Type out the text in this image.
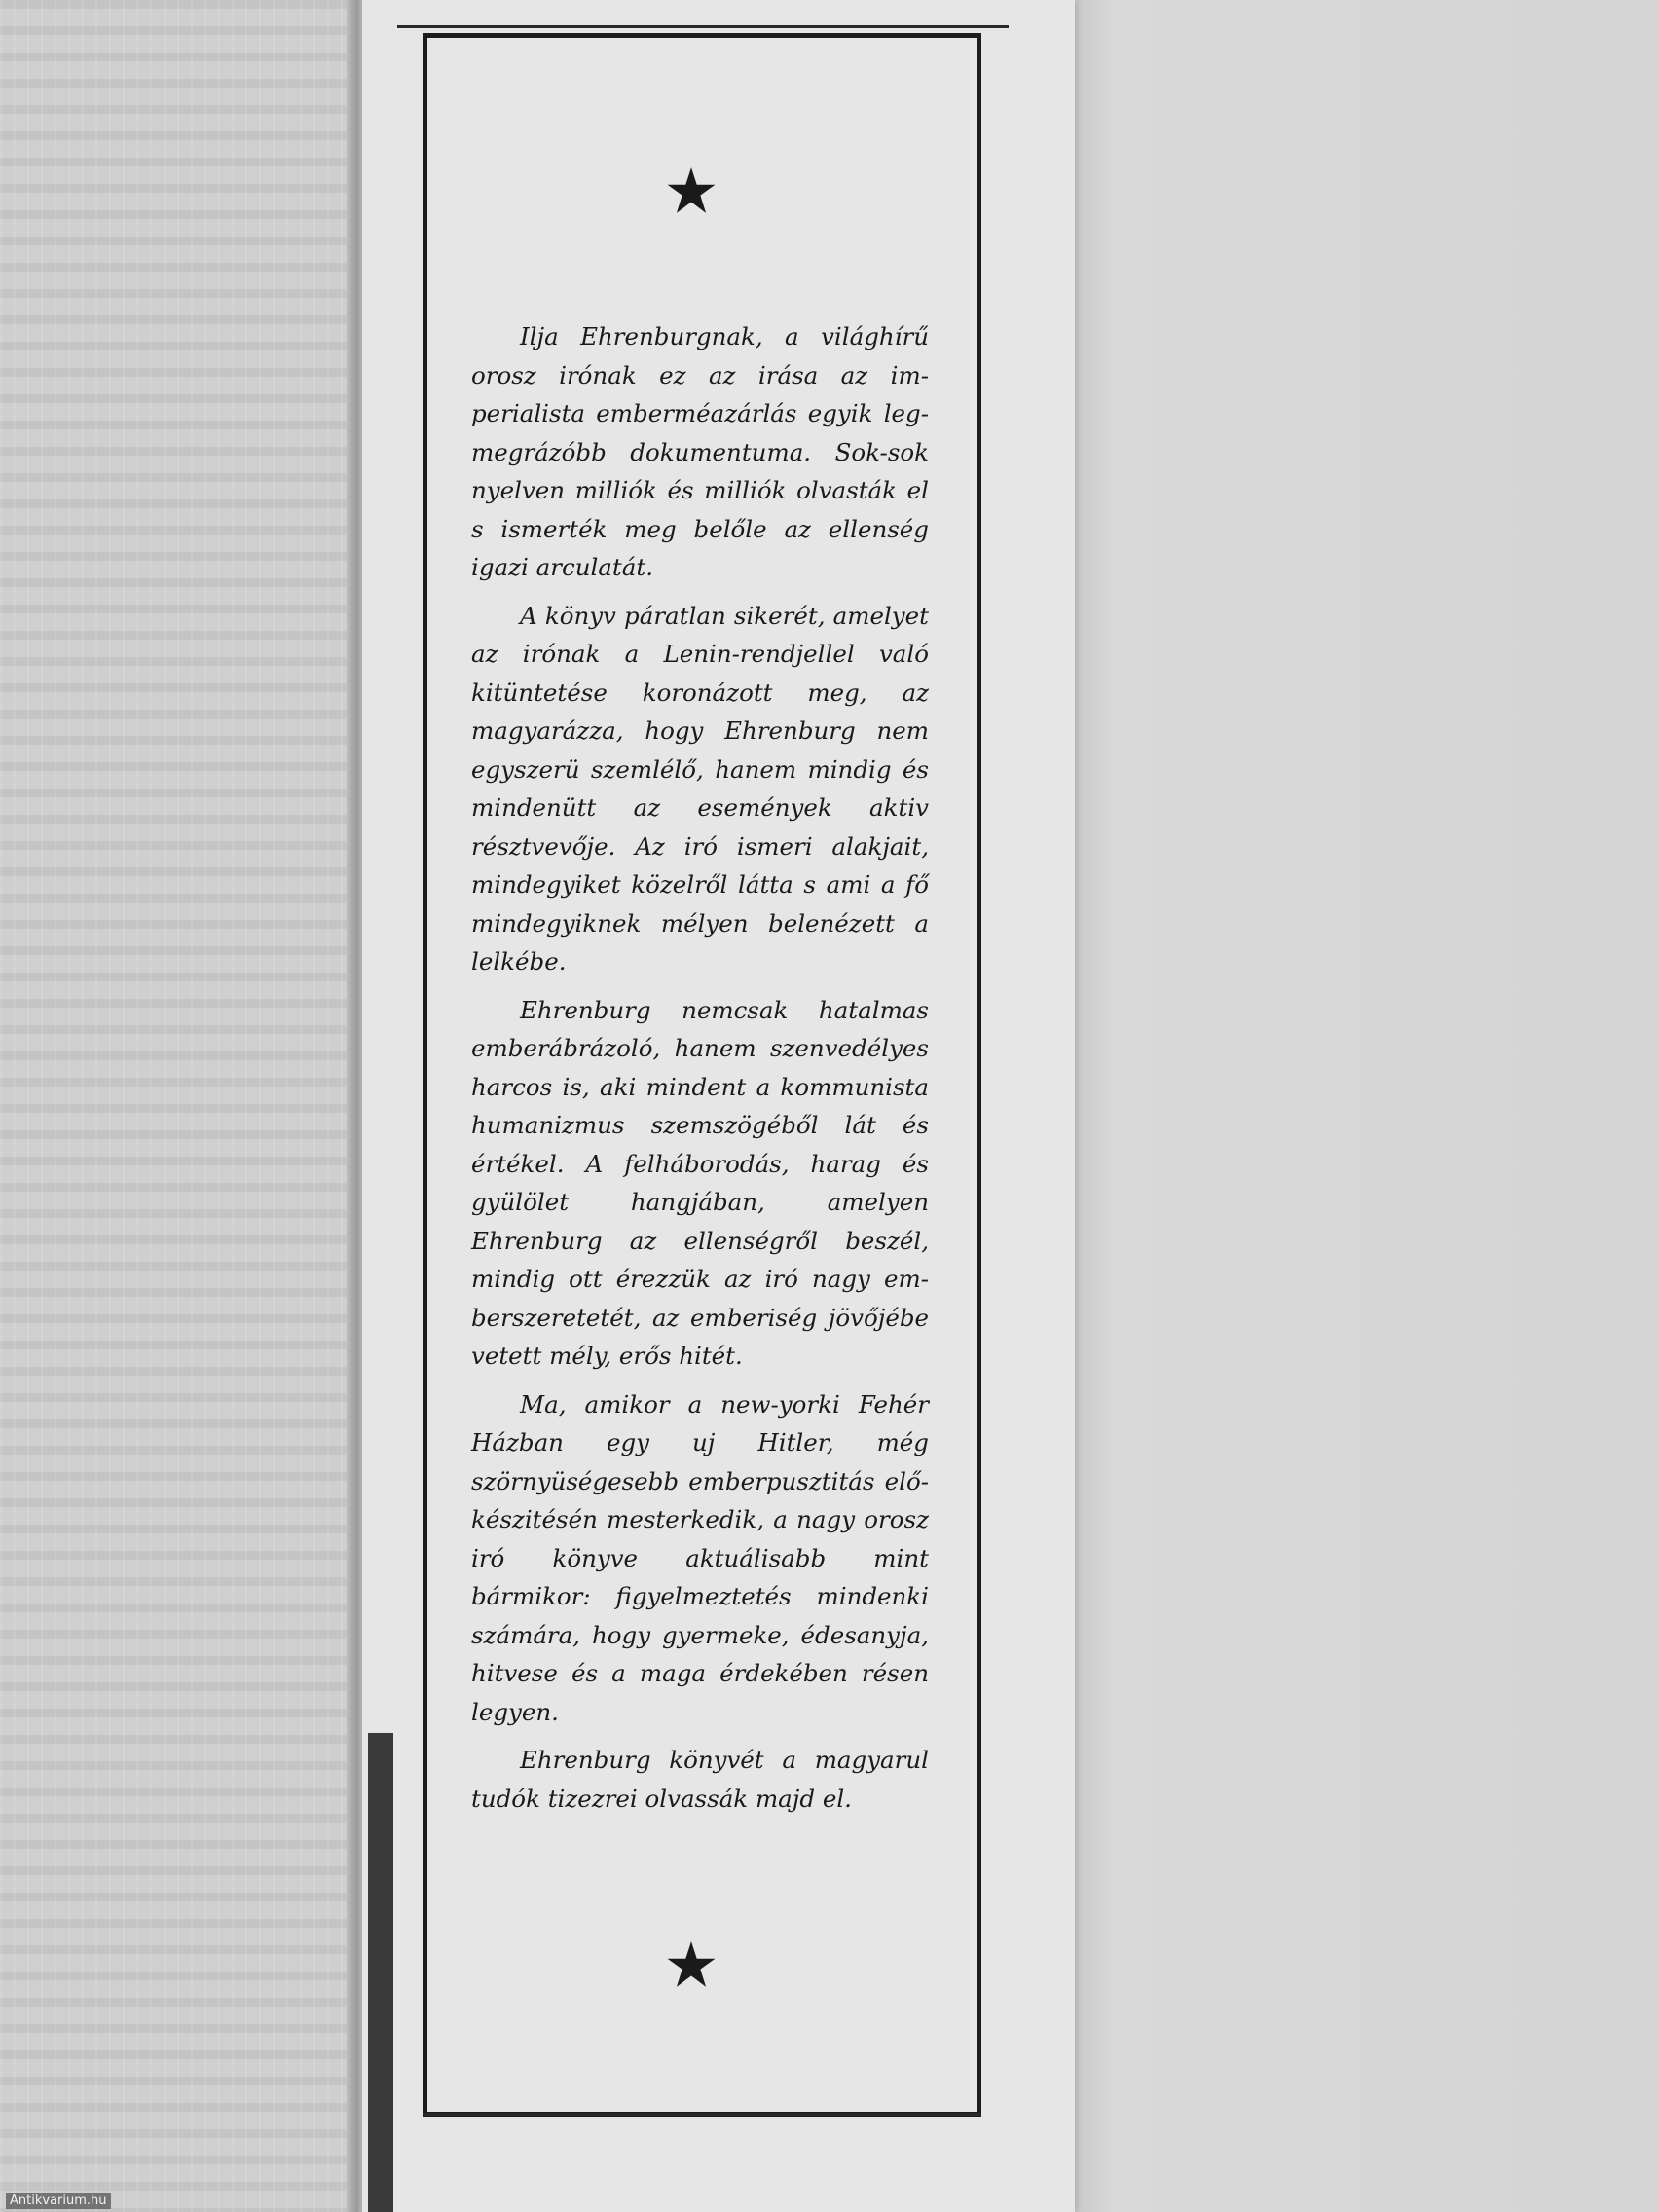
Ilja Ehrenburgnak, a világhírű orosz irónak ez az irása az imperialista emberméazárlás egyik legmegrázóbb dokumentuma. Sok-sok nyelven milliók és milliók olvasták el s ismerték meg belőle az ellenség igazi arculatát.

A könyv páratlan sikerét, amelyet az irónak a Lenin-rendjellel való kitüntetése koronázott meg, az magyarázza, hogy Ehrenburg nem egyszerü szemlélő, hanem mindig és mindenütt az események aktiv résztvevője. Az iró ismeri alakjait, mindegyiket közelről látta s ami a fő mindegyiknek mélyen belenézett a lelkébe.

Ehrenburg nemcsak hatalmas emberábrázoló, hanem szenvedélyes harcos is, aki mindent a kommunista humanizmus szemszögéből lát és értékel. A felháborodás, harag és gyülölet hangjában, amelyen Ehrenburg az ellenségről beszél, mindig ott érezzük az iró nagy emberszeretetét, az emberiség jövőjébe vetett mély, erős hitét.

Ma, amikor a new-yorki Fehér Házban egy uj Hitler, még szörnyüségesebb emberpusztitás előkészitésén mesterkedik, a nagy orosz iró könyve aktuálisabb mint bármikor: figyelmeztetés mindenki számára, hogy gyermeke, édesanyja, hitvese és a maga érdekében résen legyen.

Ehrenburg könyvét a magyarul tudók tizezrei olvassák majd el.

Antikvarium.hu
